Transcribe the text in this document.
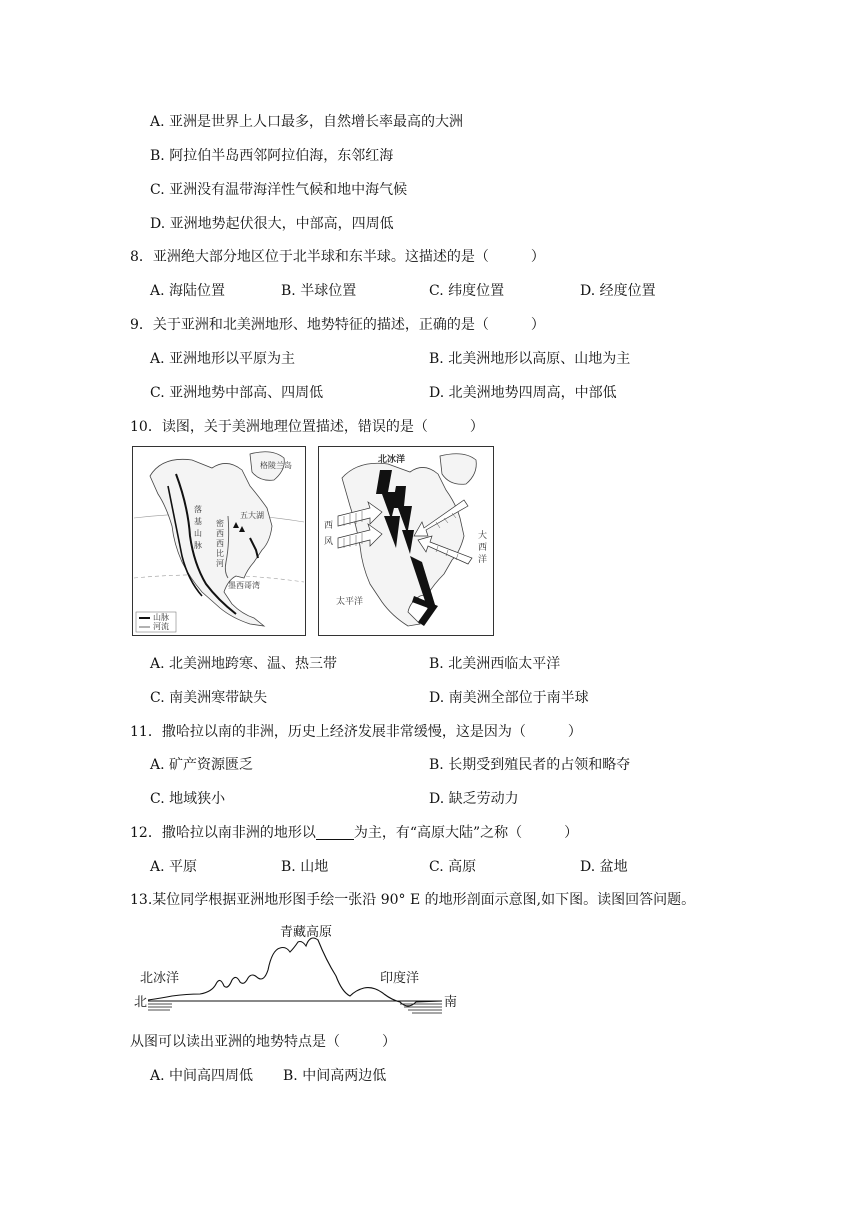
A. 亚洲是世界上人口最多，自然增长率最高的大洲
B. 阿拉伯半岛西邻阿拉伯海，东邻红海
C. 亚洲没有温带海洋性气候和地中海气候
D. 亚洲地势起伏很大，中部高，四周低
8．亚洲绝大部分地区位于北半球和东半球。这描述的是（　　　）
A. 海陆位置	B. 半球位置	C. 纬度位置	D. 经度位置
9．关于亚洲和北美洲地形、地势特征的描述，正确的是（　　　）
A. 亚洲地形以平原为主	B. 北美洲地形以高原、山地为主
C. 亚洲地势中部高、四周低	D. 北美洲地势四周高，中部低
10．读图，关于美洲地理位置描述，错误的是（　　　）
山脉
河流
格陵兰岛
五大湖
落
基
山
脉
密
西
西
比
河
墨西哥湾
北冰洋
西
风
大
西
洋
太平洋
A. 北美洲地跨寒、温、热三带	B. 北美洲西临太平洋
C. 南美洲寒带缺失	D. 南美洲全部位于南半球
11．撒哈拉以南的非洲，历史上经济发展非常缓慢，这是因为（　　　）
A. 矿产资源匮乏	B. 长期受到殖民者的占领和略夺
C. 地域狭小	D. 缺乏劳动力
12．撒哈拉以南非洲的地形以	为主，有“高原大陆”之称（　　　）
A. 平原	B. 山地	C. 高原	D. 盆地
13.某位同学根据亚洲地形图手绘一张沿 90° E 的地形剖面示意图,如下图。读图回答问题。
青藏高原
北冰洋	印度洋
北	南
从图可以读出亚洲的地势特点是（　　　）
A. 中间高四周低 B. 中间高两边低
